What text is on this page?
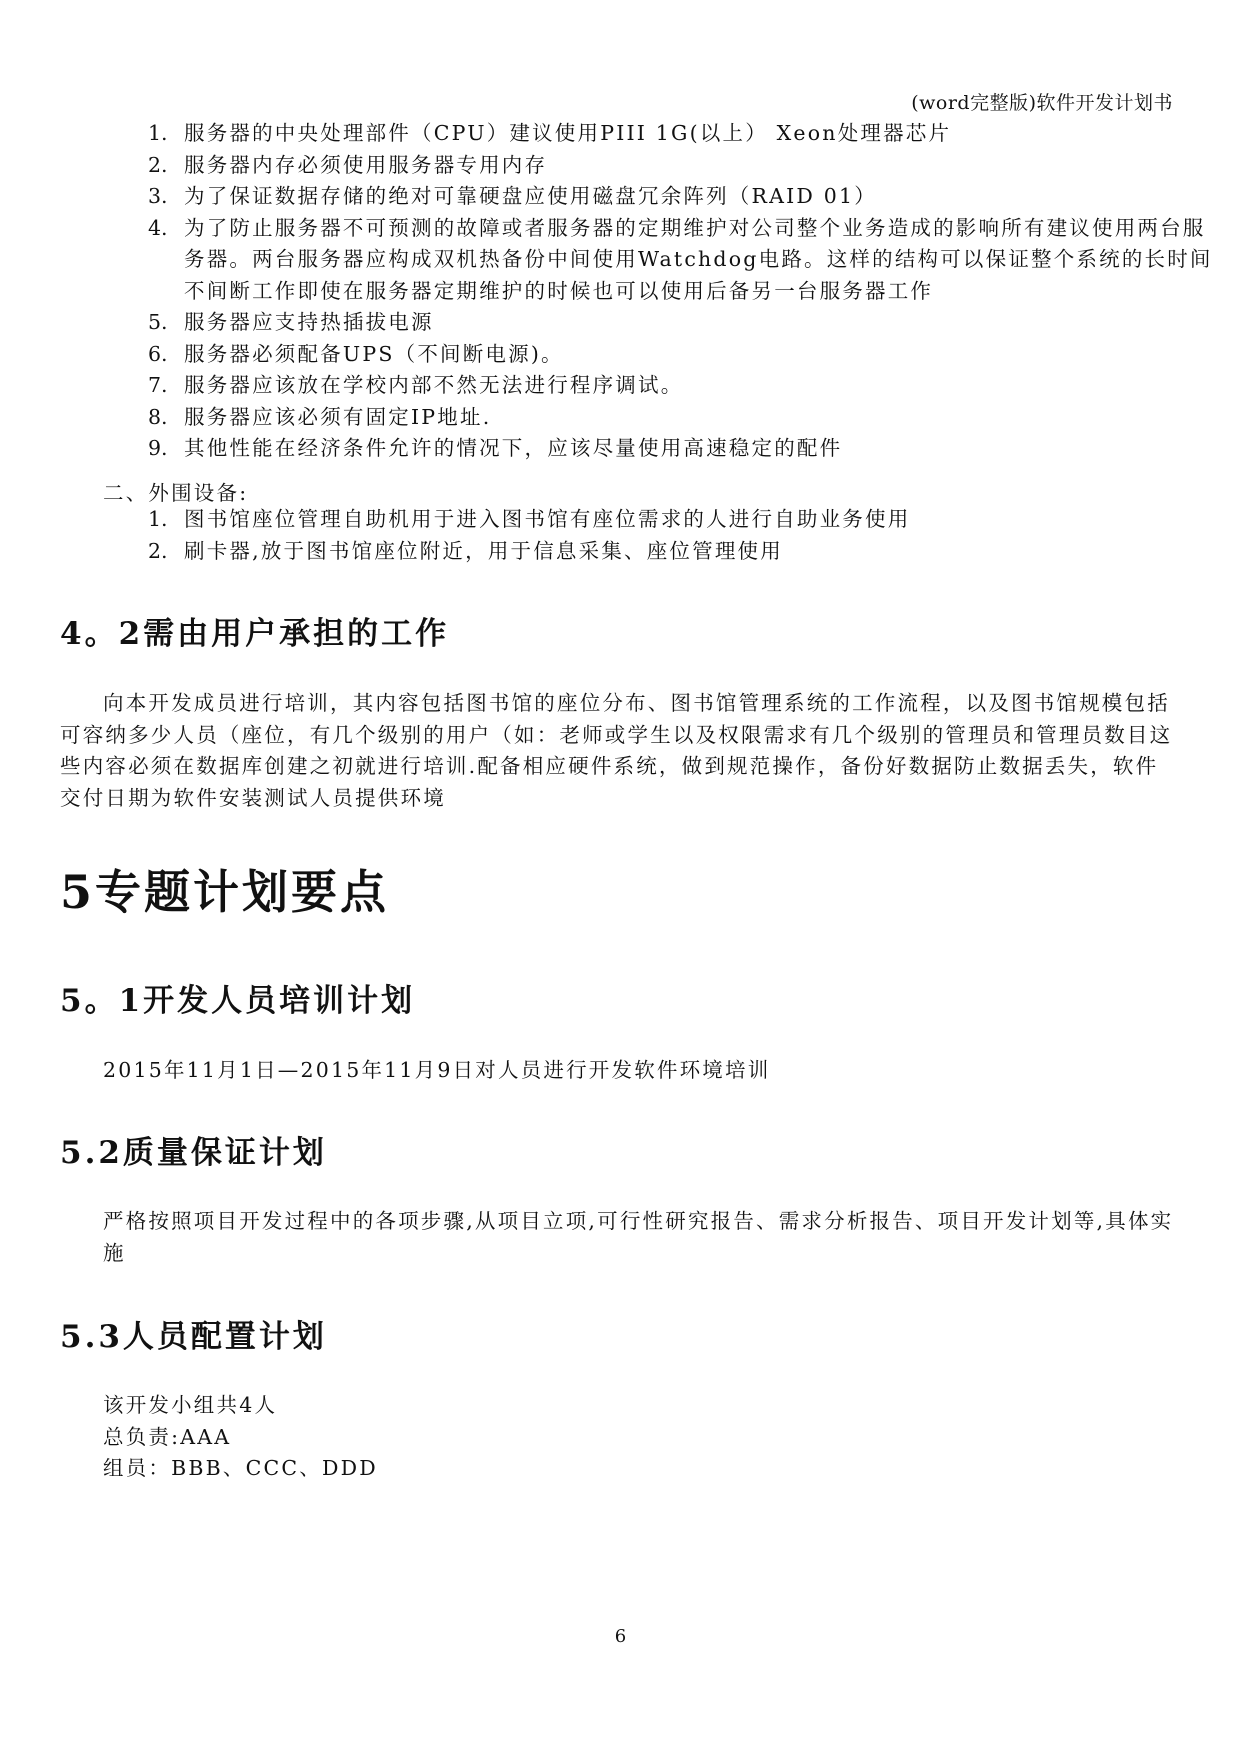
(word完整版)软件开发计划书
1. 服务器的中央处理部件（CPU）建议使用PIII 1G(以上） Xeon处理器芯片
2. 服务器内存必须使用服务器专用内存
3. 为了保证数据存储的绝对可靠硬盘应使用磁盘冗余阵列（RAID 01）
4. 为了防止服务器不可预测的故障或者服务器的定期维护对公司整个业务造成的影响所有建议使用两台服务器。两台服务器应构成双机热备份中间使用Watchdog电路。这样的结构可以保证整个系统的长时间不间断工作即使在服务器定期维护的时候也可以使用后备另一台服务器工作
5. 服务器应支持热插拔电源
6. 服务器必须配备UPS（不间断电源)。
7. 服务器应该放在学校内部不然无法进行程序调试。
8. 服务器应该必须有固定IP地址.
9. 其他性能在经济条件允许的情况下，应该尽量使用高速稳定的配件
二、外围设备:
1. 图书馆座位管理自助机用于进入图书馆有座位需求的人进行自助业务使用
2. 刷卡器,放于图书馆座位附近，用于信息采集、座位管理使用
4。2需由用户承担的工作
向本开发成员进行培训，其内容包括图书馆的座位分布、图书馆管理系统的工作流程，以及图书馆规模包括可容纳多少人员（座位，有几个级别的用户（如：老师或学生以及权限需求有几个级别的管理员和管理员数目这些内容必须在数据库创建之初就进行培训.配备相应硬件系统，做到规范操作，备份好数据防止数据丢失，软件交付日期为软件安装测试人员提供环境
5专题计划要点
5。1开发人员培训计划
2015年11月1日—2015年11月9日对人员进行开发软件环境培训
5.2质量保证计划
严格按照项目开发过程中的各项步骤,从项目立项,可行性研究报告、需求分析报告、项目开发计划等,具体实施
5.3人员配置计划
该开发小组共4人
总负责:AAA
组员：BBB、CCC、DDD
6
